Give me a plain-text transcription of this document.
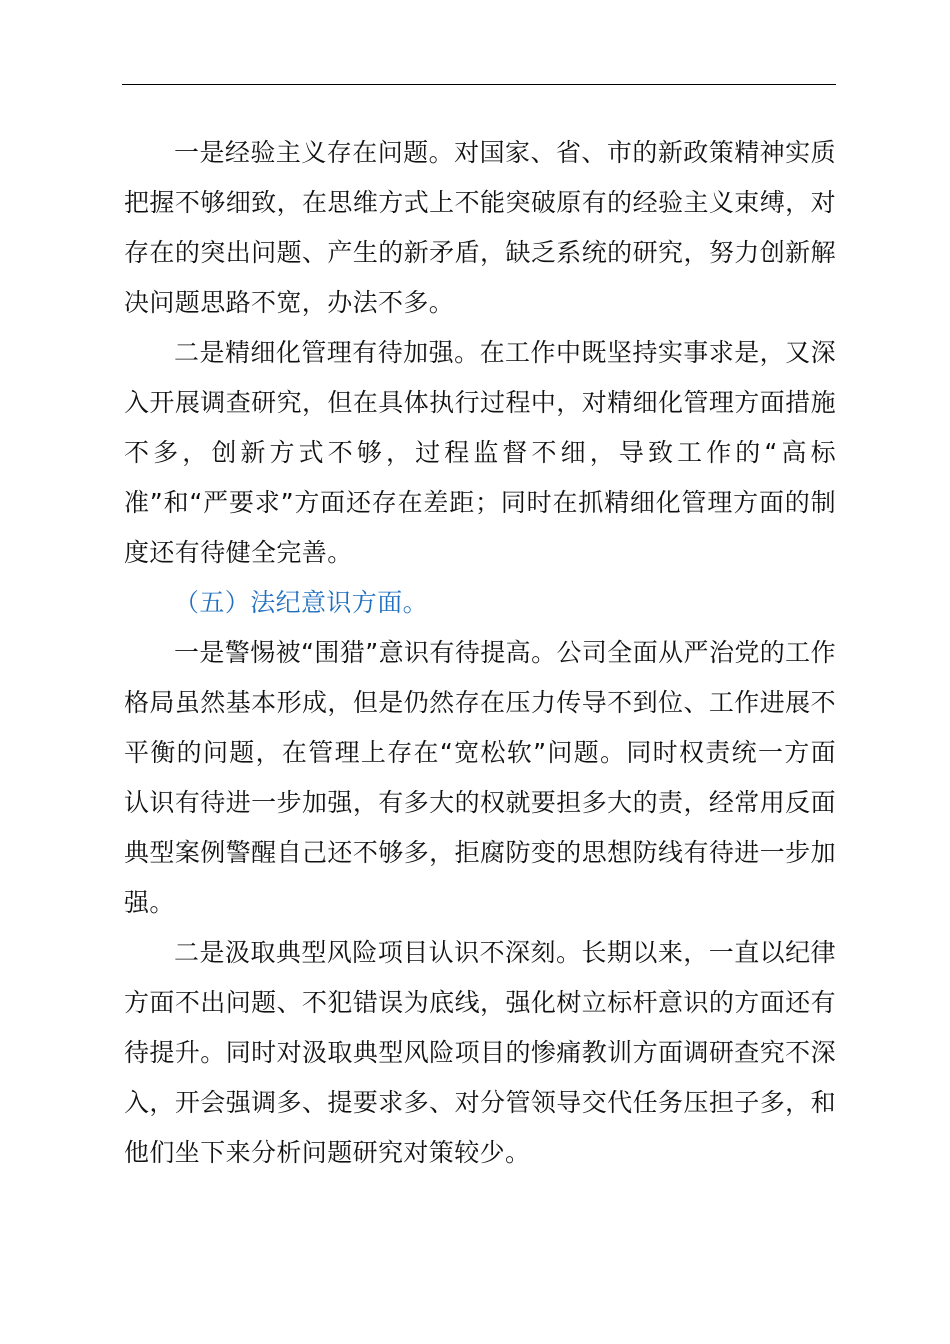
一是经验主义存在问题。对国家、省、市的新政策精神实质把握不够细致，在思维方式上不能突破原有的经验主义束缚，对存在的突出问题、产生的新矛盾，缺乏系统的研究，努力创新解决问题思路不宽，办法不多。

二是精细化管理有待加强。在工作中既坚持实事求是，又深入开展调查研究，但在具体执行过程中，对精细化管理方面措施不多，创新方式不够，过程监督不细，导致工作的“高标准”和“严要求”方面还存在差距；同时在抓精细化管理方面的制度还有待健全完善。

（五）法纪意识方面。

一是警惕被“围猎”意识有待提高。公司全面从严治党的工作格局虽然基本形成，但是仍然存在压力传导不到位、工作进展不平衡的问题，在管理上存在“宽松软”问题。同时权责统一方面认识有待进一步加强，有多大的权就要担多大的责，经常用反面典型案例警醒自己还不够多，拒腐防变的思想防线有待进一步加强。

二是汲取典型风险项目认识不深刻。长期以来，一直以纪律方面不出问题、不犯错误为底线，强化树立标杆意识的方面还有待提升。同时对汲取典型风险项目的惨痛教训方面调研查究不深入，开会强调多、提要求多、对分管领导交代任务压担子多，和他们坐下来分析问题研究对策较少。
